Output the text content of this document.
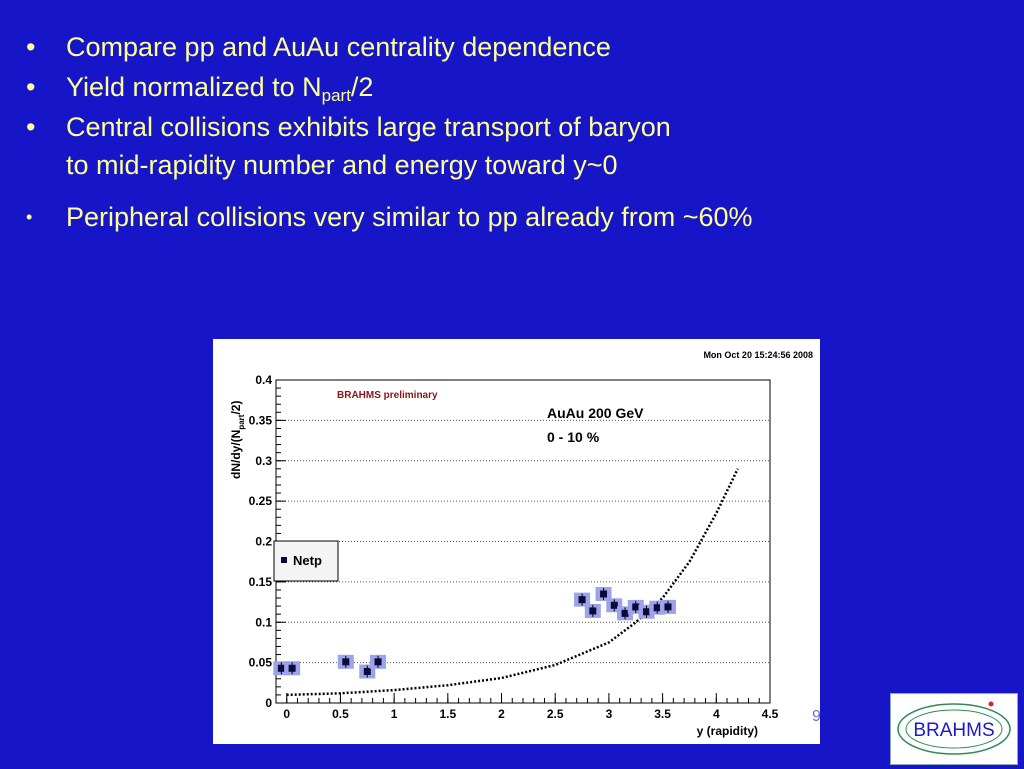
•	Compare pp and AuAu centrality dependence
•	Yield normalized to $N_{part}/2$
•	Central collisions exhibits large transport of baryon
to mid-rapidity number and energy toward y~0
•	Peripheral collisions very similar to pp already from ~60%
Mon Oct 20 15:24:56 2008
0	0.5	1	1.5	2	2.5	3	3.5	4	4.5
0
0.05
0.1
0.15
0.2
0.25
0.3
0.35
0.4
BRAHMS preliminary
AuAu 200 GeV
0 - 10 %
Netp
y (rapidity)
$dN/dy/(N_{part}/2)$
9
BRAHMS
